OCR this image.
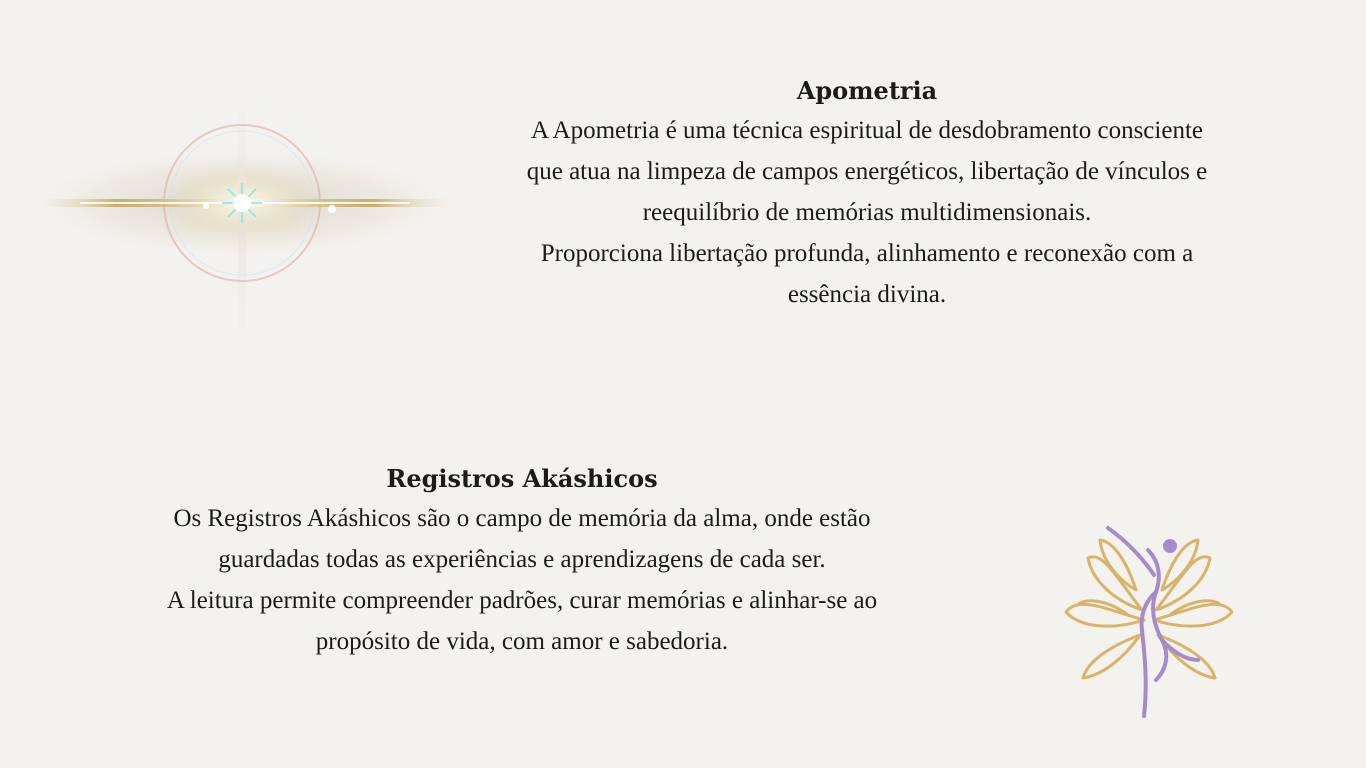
Apometria

A Apometria é uma técnica espiritual de desdobramento consciente

que atua na limpeza de campos energéticos, libertação de vínculos e

reequilíbrio de memórias multidimensionais.

Proporciona libertação profunda, alinhamento e reconexão com a

essência divina.

Registros Akáshicos

Os Registros Akáshicos são o campo de memória da alma, onde estão

guardadas todas as experiências e aprendizagens de cada ser.

A leitura permite compreender padrões, curar memórias e alinhar-se ao

propósito de vida, com amor e sabedoria.
